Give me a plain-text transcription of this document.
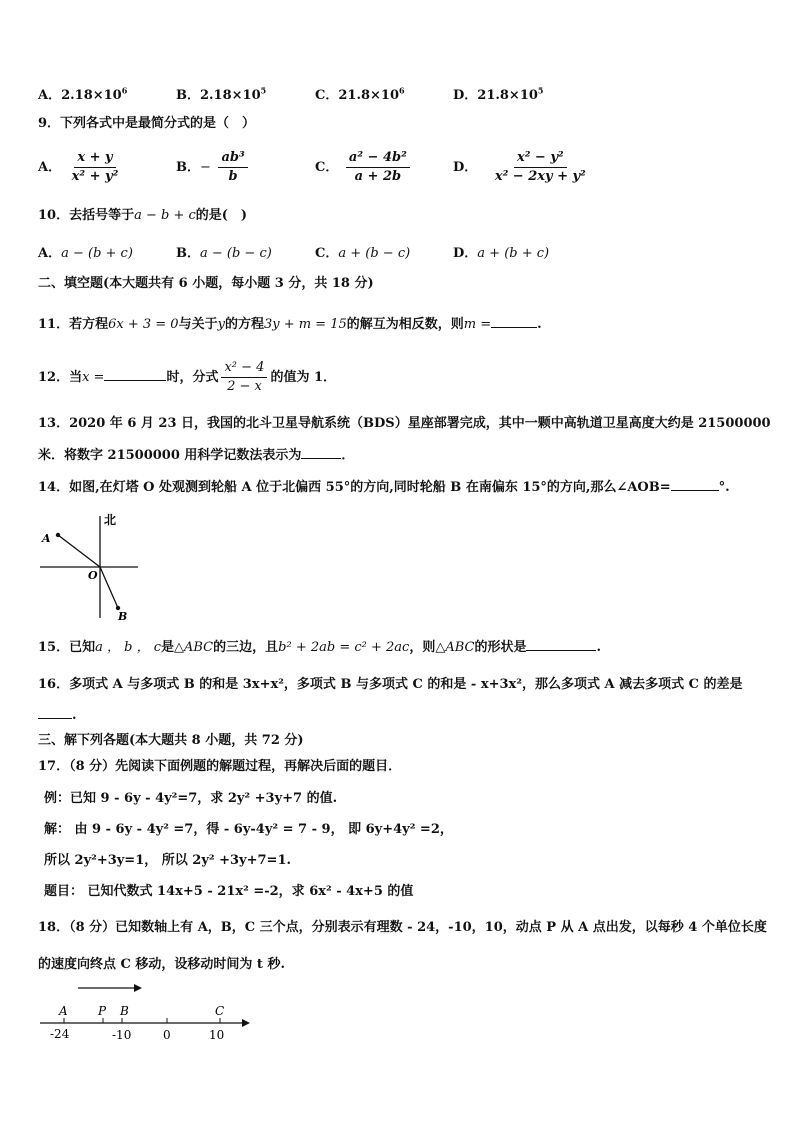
A．$2.18\times 10^6$	B．$2.18\times 10^5$	C．$21.8\times 10^6$	D．$21.8\times 10^5$
9．下列各式中是最简分式的是（　）
A． $\frac{x + y}{\text{x² + y²}}$	B．− $\frac{\text{ab³}}{b}$	C． $\frac{\text{a² − 4b²}}{a + 2b}$	D． $\frac{\text{x² − y²}}{\text{x² − 2xy + y²}}$
10．去括号等于a − b + c的是(　)
A．a − (b + c)	B．a − (b − c)	C．a + (b − c)	D．a + (b + c)
二、填空题(本大题共有 6 小题，每小题 3 分，共 18 分)
11．若方程6x + 3 = 0与关于y的方程3y + m = 15的解互为相反数，则m =	.
12．当x =	时，分式 $\frac{\text{x² − 4}}{2 - x}$ 的值为 1．
13．2020 年 6 月 23 日，我国的北斗卫星导航系统（BDS）星座部署完成，其中一颗中高轨道卫星高度大约是 21500000
米．将数字 21500000 用科学记数法表示为	．
14．如图,在灯塔 O 处观测到轮船 A 位于北偏西 55°的方向,同时轮船 B 在南偏东 15°的方向,那么∠AOB=	°.
北
A
O
B
15．已知a ， b ， c是△ABC的三边，且b² + 2ab = c² + 2ac，则△ABC的形状是	.
16．多项式 A 与多项式 B 的和是 3x+x²，多项式 B 与多项式 C 的和是 - x+3x²，那么多项式 A 减去多项式 C 的差是
.
三、解下列各题(本大题共 8 小题，共 72 分)
17．（8 分）先阅读下面例题的解题过程，再解决后面的题目．
例：已知 9 - 6y - 4y²=7，求 2y² +3y+7 的值.
解： 由 9 - 6y - 4y² =7，得 - 6y-4y² = 7 - 9， 即 6y+4y² =2，
所以 2y²+3y=1， 所以 2y² +3y+7=1.
题目： 已知代数式 14x+5 - 21x² =-2，求 6x² - 4x+5 的值
18．（8 分）已知数轴上有 A，B，C 三个点，分别表示有理数 - 24，-10，10，动点 P 从 A 点出发，以每秒 4 个单位长度
的速度向终点 C 移动，设移动时间为 t 秒.
A	P B	C
-24	-10	0	10
